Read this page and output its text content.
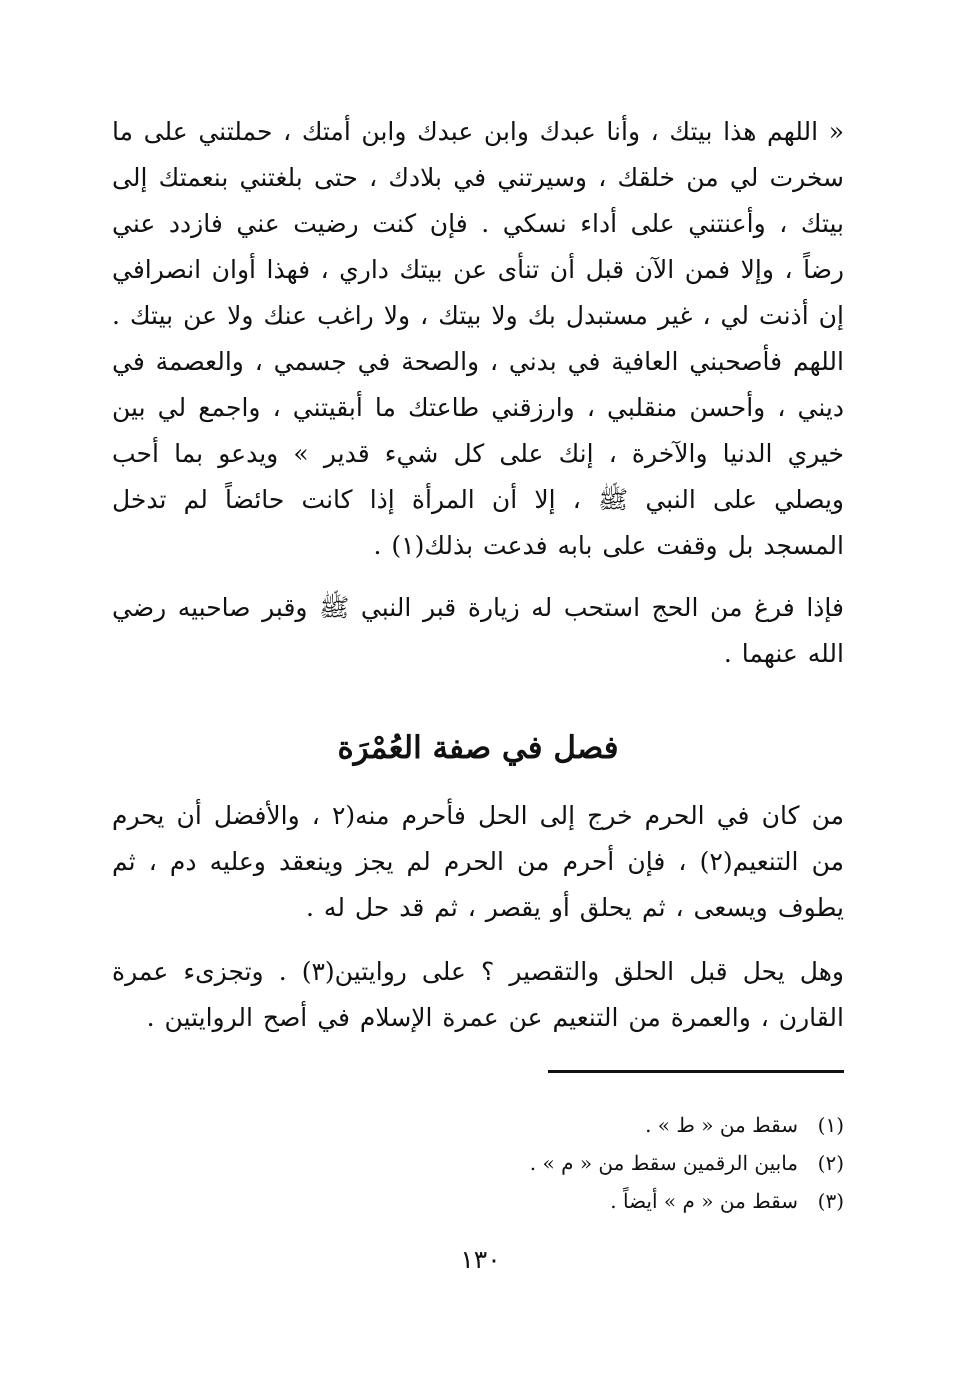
« اللهم هذا بيتك ، وأنا عبدك وابن عبدك وابن أمتك ، حملتني على ما سخرت لي من خلقك ، وسيرتني في بلادك ، حتى بلغتني بنعمتك إلى بيتك ، وأعنتني على أداء نسكي . فإن كنت رضيت عني فازدد عني رضاً ، وإلا فمن الآن قبل أن تنأى عن بيتك داري ، فهذا أوان انصرافي إن أذنت لي ، غير مستبدل بك ولا بيتك ، ولا راغب عنك ولا عن بيتك . اللهم فأصحبني العافية في بدني ، والصحة في جسمي ، والعصمة في ديني ، وأحسن منقلبي ، وارزقني طاعتك ما أبقيتني ، واجمع لي بين خيري الدنيا والآخرة ، إنك على كل شيء قدير » ويدعو بما أحب ويصلي على النبي ﷺ ، إلا أن المرأة إذا كانت حائضاً لم تدخل المسجد بل وقفت على بابه فدعت بذلك(١) .

فإذا فرغ من الحج استحب له زيارة قبر النبي ﷺ وقبر صاحبيه رضي الله عنهما .

فصل في صفة العُمْرَة

من كان في الحرم خرج إلى الحل فأحرم منه(٢ ، والأفضل أن يحرم من التنعيم(٢) ، فإن أحرم من الحرم لم يجز وينعقد وعليه دم ، ثم يطوف ويسعى ، ثم يحلق أو يقصر ، ثم قد حل له .

وهل يحل قبل الحلق والتقصير ؟ على روايتين(٣) . وتجزىء عمرة القارن ، والعمرة من التنعيم عن عمرة الإسلام في أصح الروايتين .

(١)
سقط من « ط » .
(٢)
مابين الرقمين سقط من « م » .
(٣)
سقط من « م » أيضاً .
١٣٠
